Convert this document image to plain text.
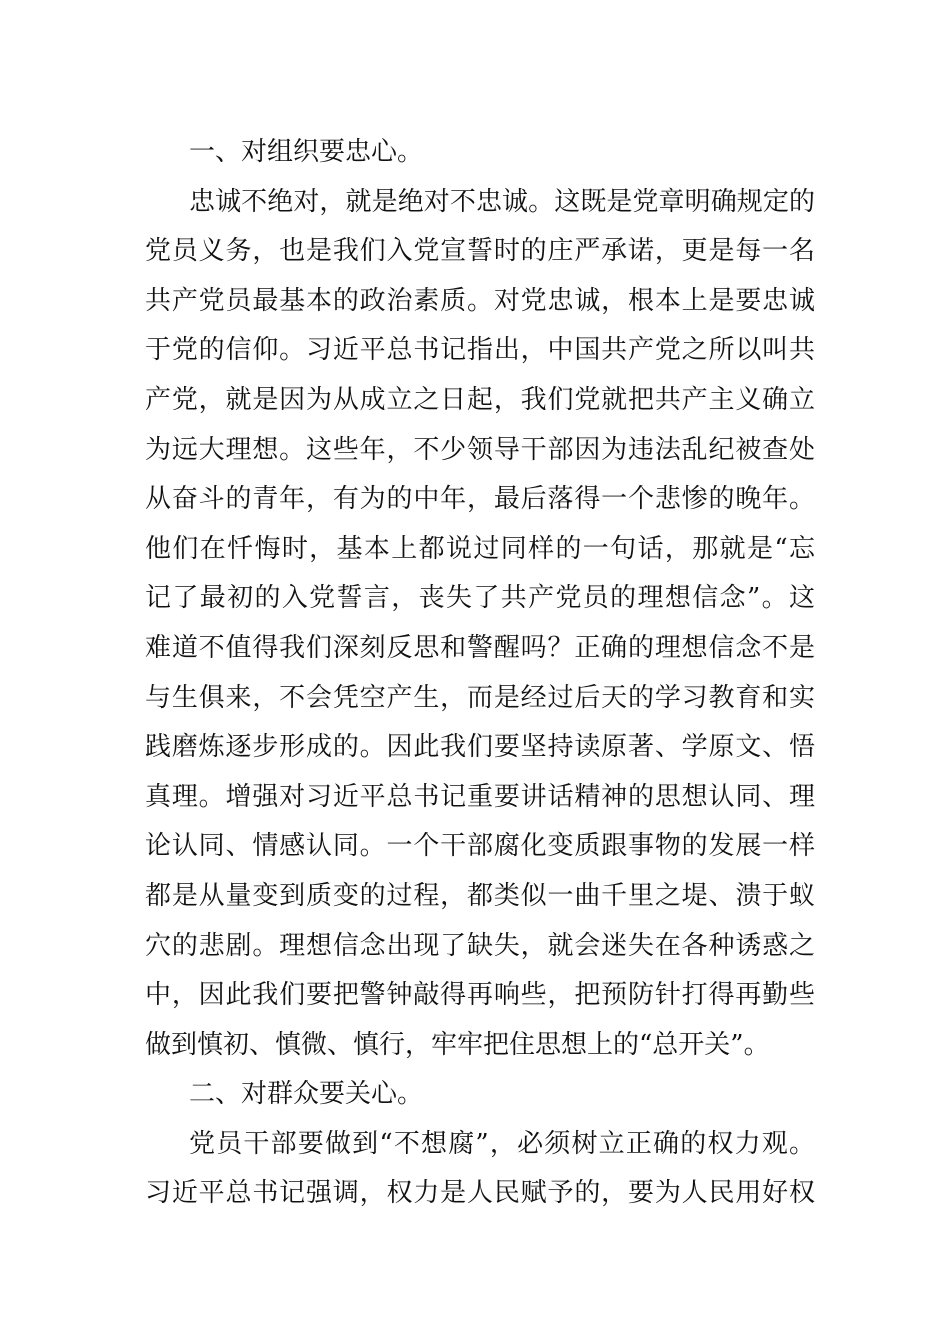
一、对组织要忠心。
忠诚不绝对，就是绝对不忠诚。这既是党章明确规定的
党员义务，也是我们入党宣誓时的庄严承诺，更是每一名
共产党员最基本的政治素质。对党忠诚，根本上是要忠诚
于党的信仰。习近平总书记指出，中国共产党之所以叫共
产党，就是因为从成立之日起，我们党就把共产主义确立
为远大理想。这些年，不少领导干部因为违法乱纪被查处
从奋斗的青年，有为的中年，最后落得一个悲惨的晚年。
他们在忏悔时，基本上都说过同样的一句话，那就是“忘
记了最初的入党誓言，丧失了共产党员的理想信念”。这
难道不值得我们深刻反思和警醒吗？正确的理想信念不是
与生俱来，不会凭空产生，而是经过后天的学习教育和实
践磨炼逐步形成的。因此我们要坚持读原著、学原文、悟
真理。增强对习近平总书记重要讲话精神的思想认同、理
论认同、情感认同。一个干部腐化变质跟事物的发展一样
都是从量变到质变的过程，都类似一曲千里之堤、溃于蚁
穴的悲剧。理想信念出现了缺失，就会迷失在各种诱惑之
中，因此我们要把警钟敲得再响些，把预防针打得再勤些
做到慎初、慎微、慎行，牢牢把住思想上的“总开关”。
二、对群众要关心。
党员干部要做到“不想腐”，必须树立正确的权力观。
习近平总书记强调，权力是人民赋予的，要为人民用好权
